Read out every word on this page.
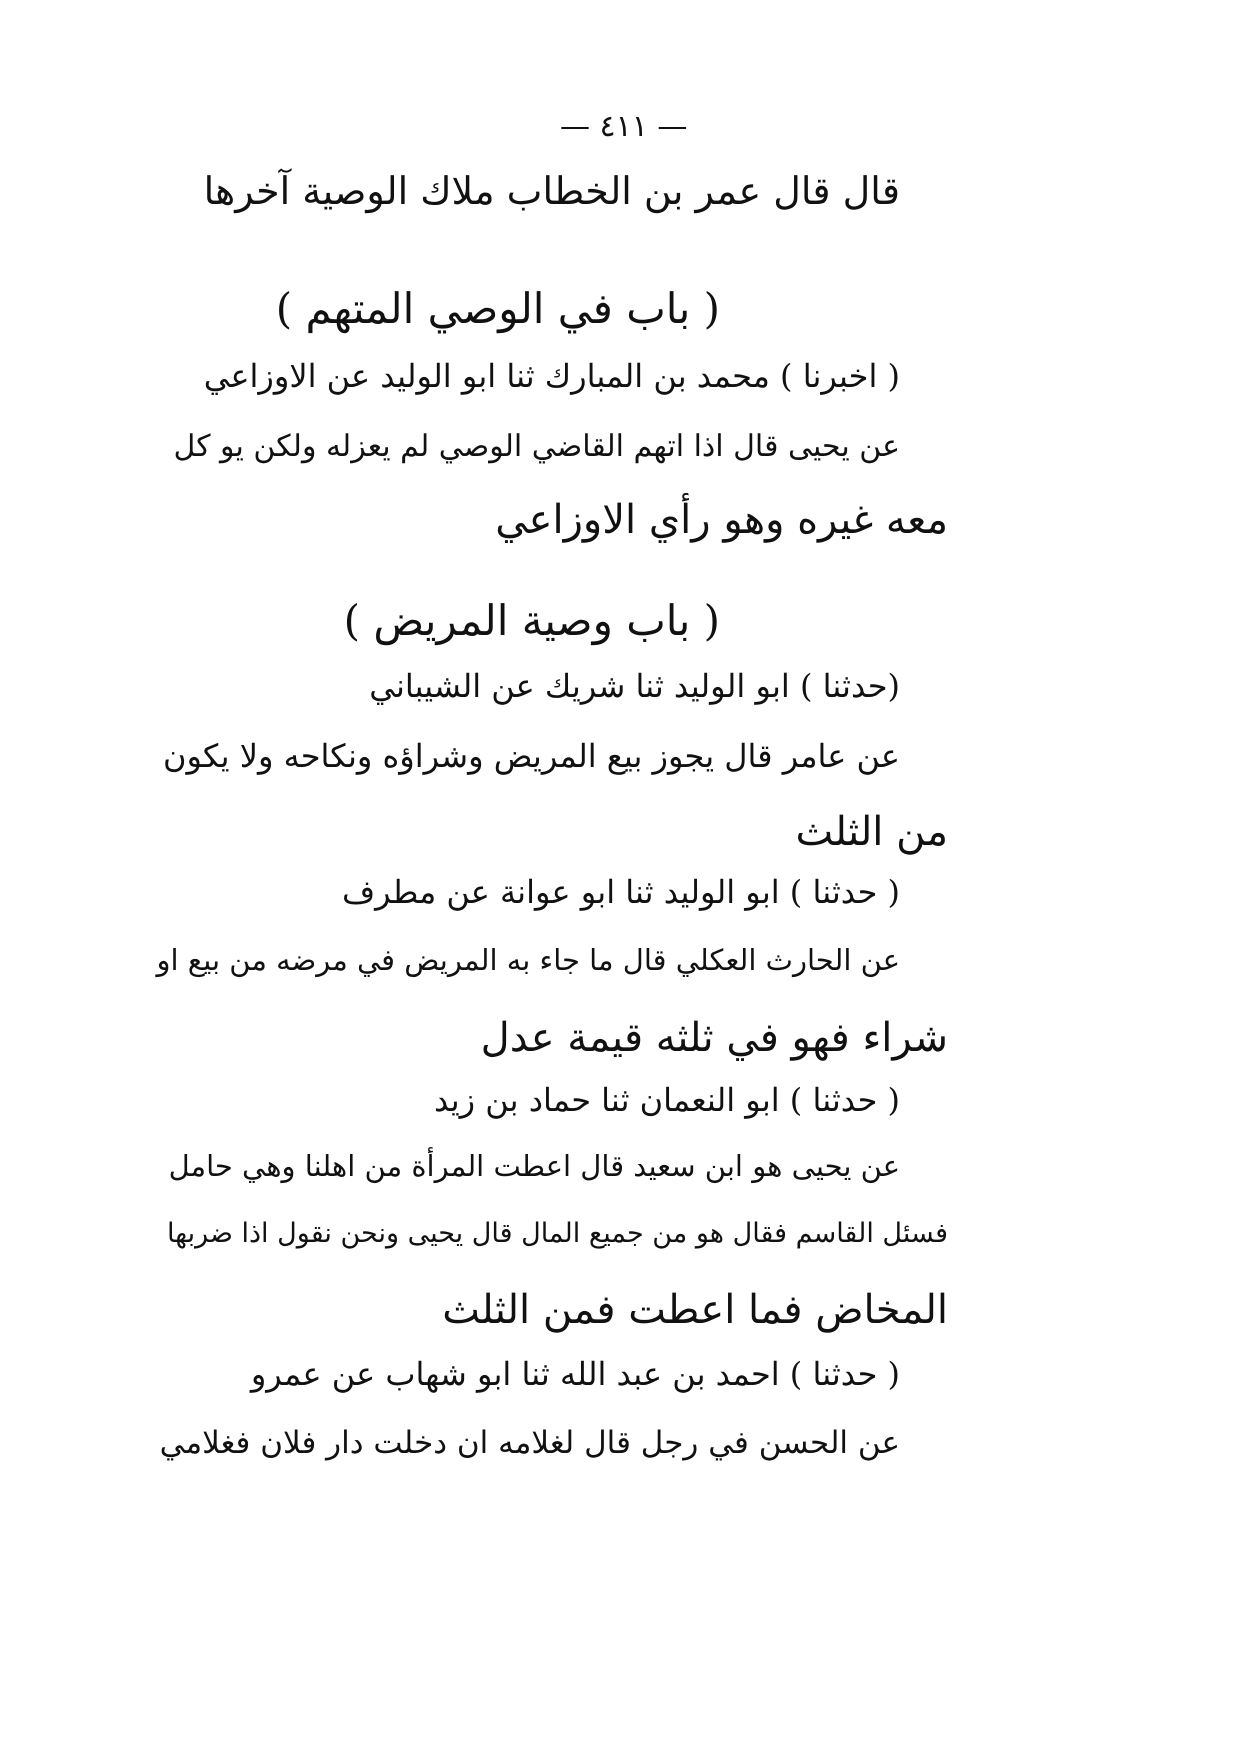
— ٤١١ —
قال قال عمر بن الخطاب ملاك الوصية آخرها
( باب في الوصي المتهم )
( اخبرنا ) محمد بن المبارك ثنا ابو الوليد عن الاوزاعي
عن يحيى قال اذا اتهم القاضي الوصي لم يعزله ولكن يو كل
معه غيره وهو رأي الاوزاعي
( باب وصية المريض )
(حدثنا ) ابو الوليد ثنا شريك عن الشيباني
عن عامر قال يجوز بيع المريض وشراؤه ونكاحه ولا يكون
من الثلث
( حدثنا ) ابو الوليد ثنا ابو عوانة عن مطرف
عن الحارث العكلي قال ما جاء به المريض في مرضه من بيع او
شراء فهو في ثلثه قيمة عدل
( حدثنا ) ابو النعمان ثنا حماد بن زيد
عن يحيى هو ابن سعيد قال اعطت المرأة من اهلنا وهي حامل
فسئل القاسم فقال هو من جميع المال قال يحيى ونحن نقول اذا ضربها
المخاض فما اعطت فمن الثلث
( حدثنا ) احمد بن عبد الله ثنا ابو شهاب عن عمرو
عن الحسن في رجل قال لغلامه ان دخلت دار فلان فغلامي
